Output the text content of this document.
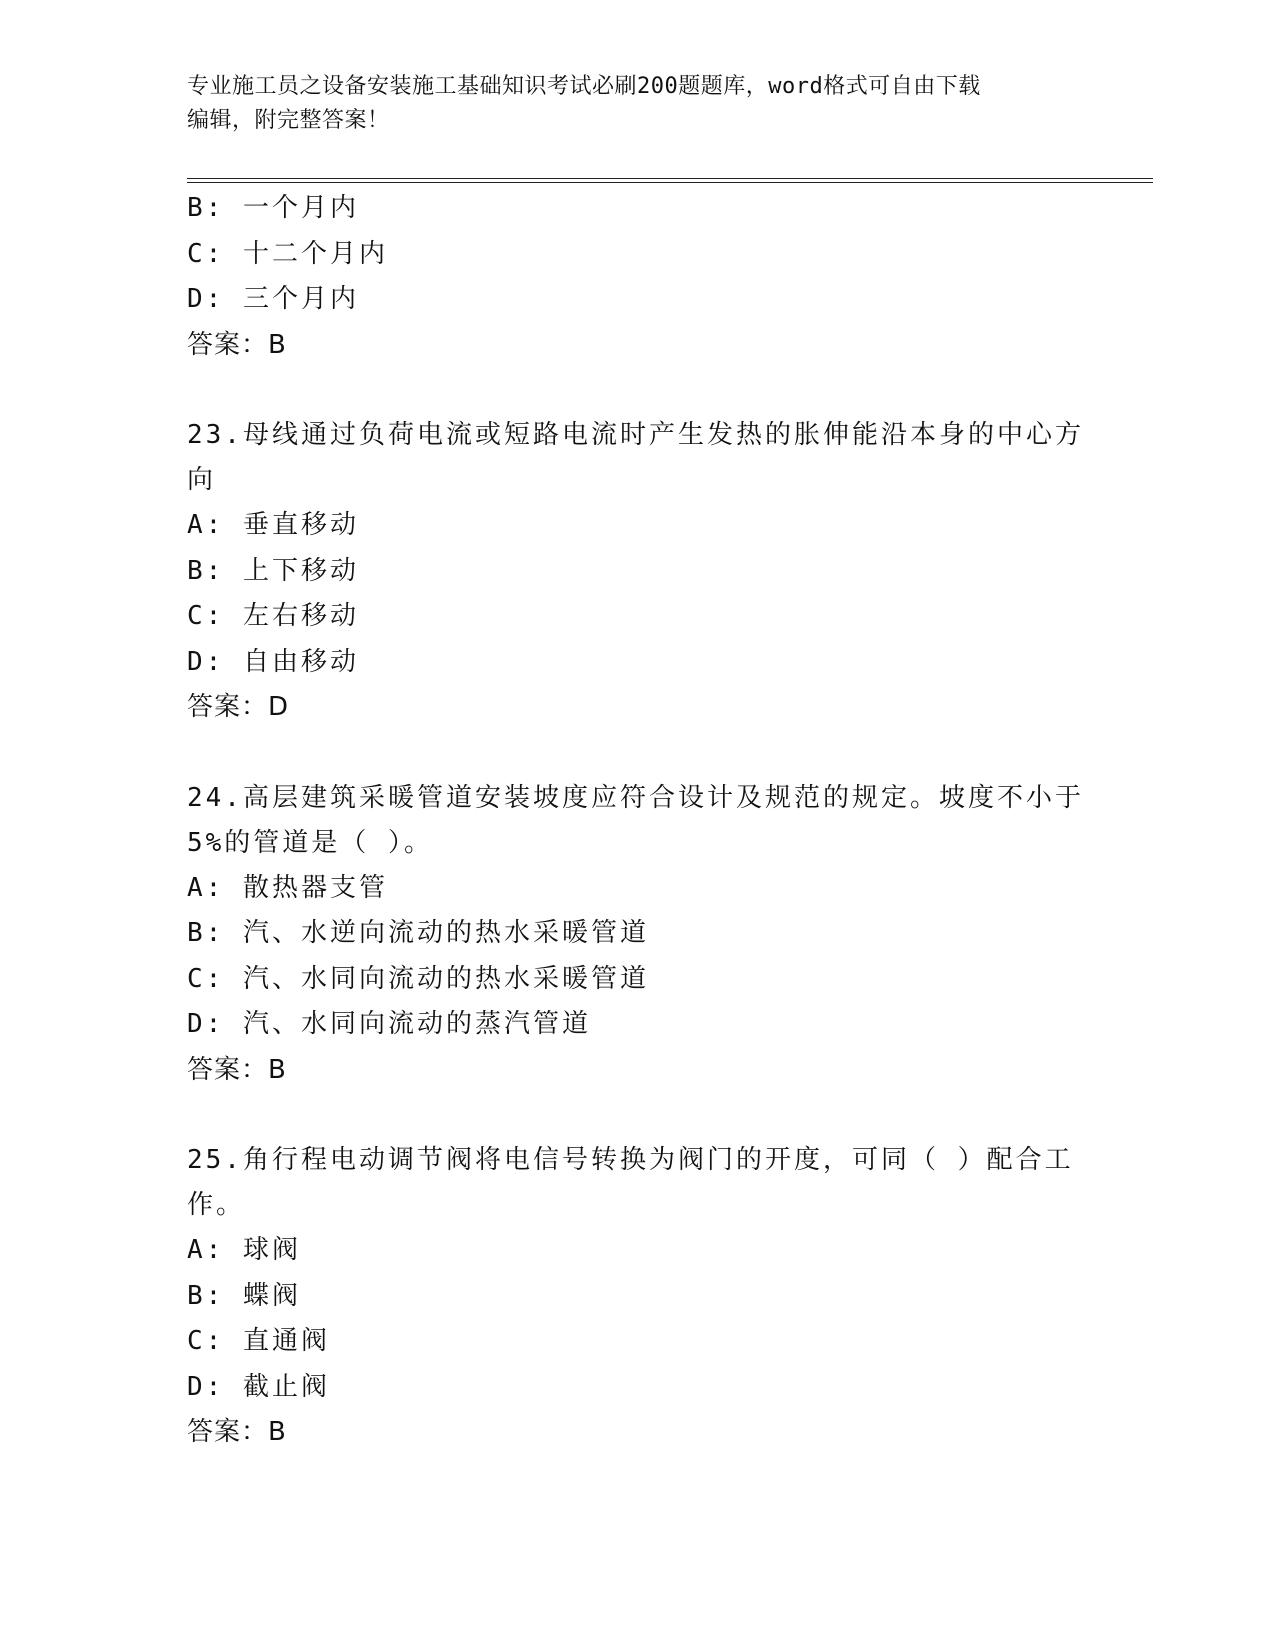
专业施工员之设备安装施工基础知识考试必刷200题题库，word格式可自由下载
编辑，附完整答案！
B: 一个月内
C: 十二个月内
D: 三个月内
答案：B
23.母线通过负荷电流或短路电流时产生发热的胀伸能沿本身的中心方
向
A: 垂直移动
B: 上下移动
C: 左右移动
D: 自由移动
答案：D
24.高层建筑采暖管道安装坡度应符合设计及规范的规定。坡度不小于
5%的管道是（ ）。
A: 散热器支管
B: 汽、水逆向流动的热水采暖管道
C: 汽、水同向流动的热水采暖管道
D: 汽、水同向流动的蒸汽管道
答案：B
25.角行程电动调节阀将电信号转换为阀门的开度，可同（ ）配合工
作。
A: 球阀
B: 蝶阀
C: 直通阀
D: 截止阀
答案：B
